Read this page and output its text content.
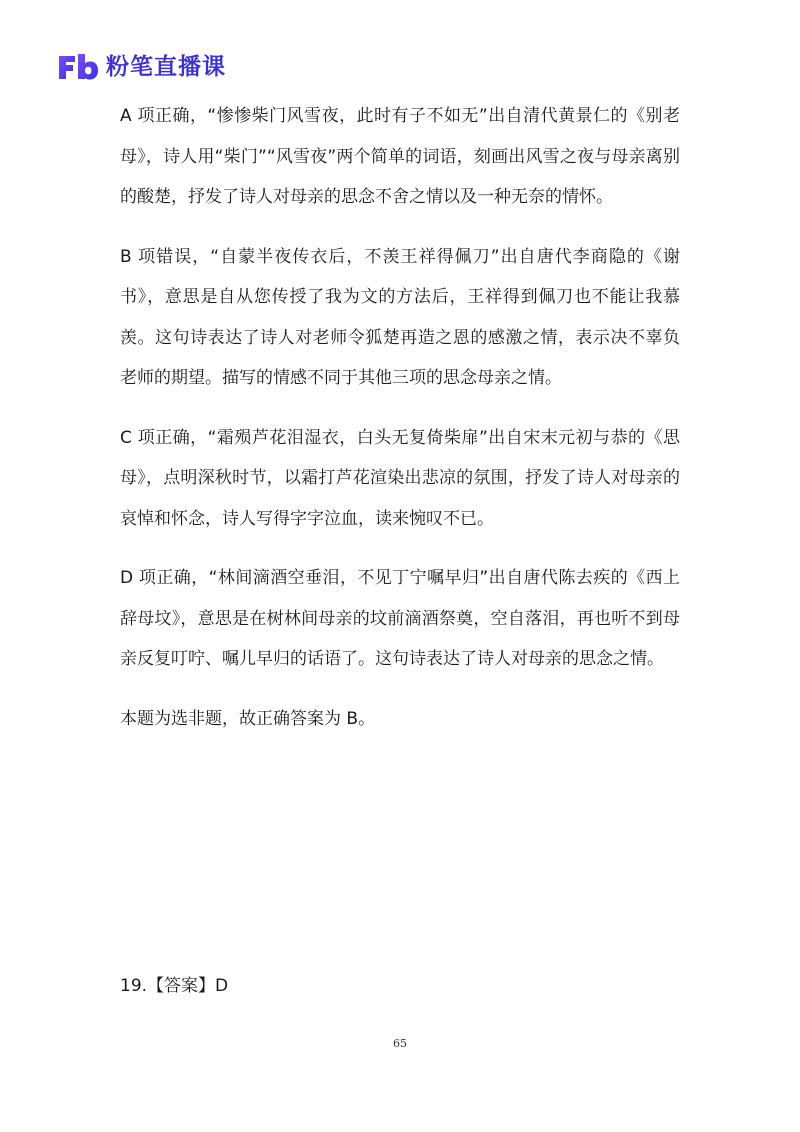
粉笔直播课

A 项正确，“惨惨柴门风雪夜，此时有子不如无”出自清代黄景仁的《别老母》，诗人用“柴门”“风雪夜”两个简单的词语，刻画出风雪之夜与母亲离别的酸楚，抒发了诗人对母亲的思念不舍之情以及一种无奈的情怀。

B 项错误，“自蒙半夜传衣后，不羡王祥得佩刀”出自唐代李商隐的《谢书》，意思是自从您传授了我为文的方法后，王祥得到佩刀也不能让我慕羡。这句诗表达了诗人对老师令狐楚再造之恩的感激之情，表示决不辜负老师的期望。描写的情感不同于其他三项的思念母亲之情。

C 项正确，“霜殒芦花泪湿衣，白头无复倚柴扉”出自宋末元初与恭的《思母》，点明深秋时节，以霜打芦花渲染出悲凉的氛围，抒发了诗人对母亲的哀悼和怀念，诗人写得字字泣血，读来惋叹不已。

D 项正确，“林间滴酒空垂泪，不见丁宁嘱早归”出自唐代陈去疾的《西上辞母坟》，意思是在树林间母亲的坟前滴酒祭奠，空自落泪，再也听不到母亲反复叮咛、嘱儿早归的话语了。这句诗表达了诗人对母亲的思念之情。

本题为选非题，故正确答案为 B。

19.【答案】D
65
